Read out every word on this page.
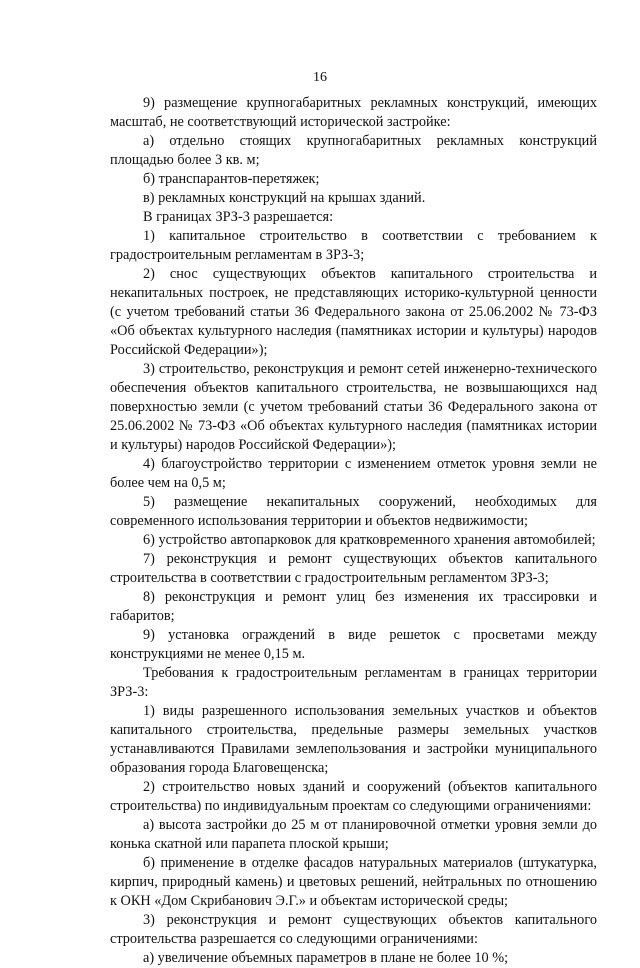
16

9) размещение крупногабаритных рекламных конструкций, имеющих масштаб, не соответствующий исторической застройке:

а) отдельно стоящих крупногабаритных рекламных конструкций площадью более 3 кв. м;

б) транспарантов-перетяжек;

в) рекламных конструкций на крышах зданий.

В границах ЗРЗ-3 разрешается:

1) капитальное строительство в соответствии с требованием к градостроительным регламентам в ЗРЗ-3;

2) снос существующих объектов капитального строительства и некапитальных построек, не представляющих историко-культурной ценности (с учетом требований статьи 36 Федерального закона от 25.06.2002 № 73-ФЗ «Об объектах культурного наследия (памятниках истории и культуры) народов Российской Федерации»);

3) строительство, реконструкция и ремонт сетей инженерно-технического обеспечения объектов капитального строительства, не возвышающихся над поверхностью земли (с учетом требований статьи 36 Федерального закона от 25.06.2002 № 73-ФЗ «Об объектах культурного наследия (памятниках истории и культуры) народов Российской Федерации»);

4) благоустройство территории с изменением отметок уровня земли не более чем на 0,5 м;

5) размещение некапитальных сооружений, необходимых для современного использования территории и объектов недвижимости;

6) устройство автопарковок для кратковременного хранения автомобилей;

7) реконструкция и ремонт существующих объектов капитального строительства в соответствии с градостроительным регламентом ЗРЗ-3;

8) реконструкция и ремонт улиц без изменения их трассировки и габаритов;

9) установка ограждений в виде решеток с просветами между конструкциями не менее 0,15 м.

Требования к градостроительным регламентам в границах территории ЗРЗ-3:

1) виды разрешенного использования земельных участков и объектов капитального строительства, предельные размеры земельных участков устанавливаются Правилами землепользования и застройки муниципального образования города Благовещенска;

2) строительство новых зданий и сооружений (объектов капитального строительства) по индивидуальным проектам со следующими ограничениями:

а) высота застройки до 25 м от планировочной отметки уровня земли до конька скатной или парапета плоской крыши;

б) применение в отделке фасадов натуральных материалов (штукатурка, кирпич, природный камень) и цветовых решений, нейтральных по отношению к ОКН «Дом Скрибанович Э.Г.» и объектам исторической среды;

3) реконструкция и ремонт существующих объектов капитального строительства разрешается со следующими ограничениями:

а) увеличение объемных параметров в плане не более 10 %;
